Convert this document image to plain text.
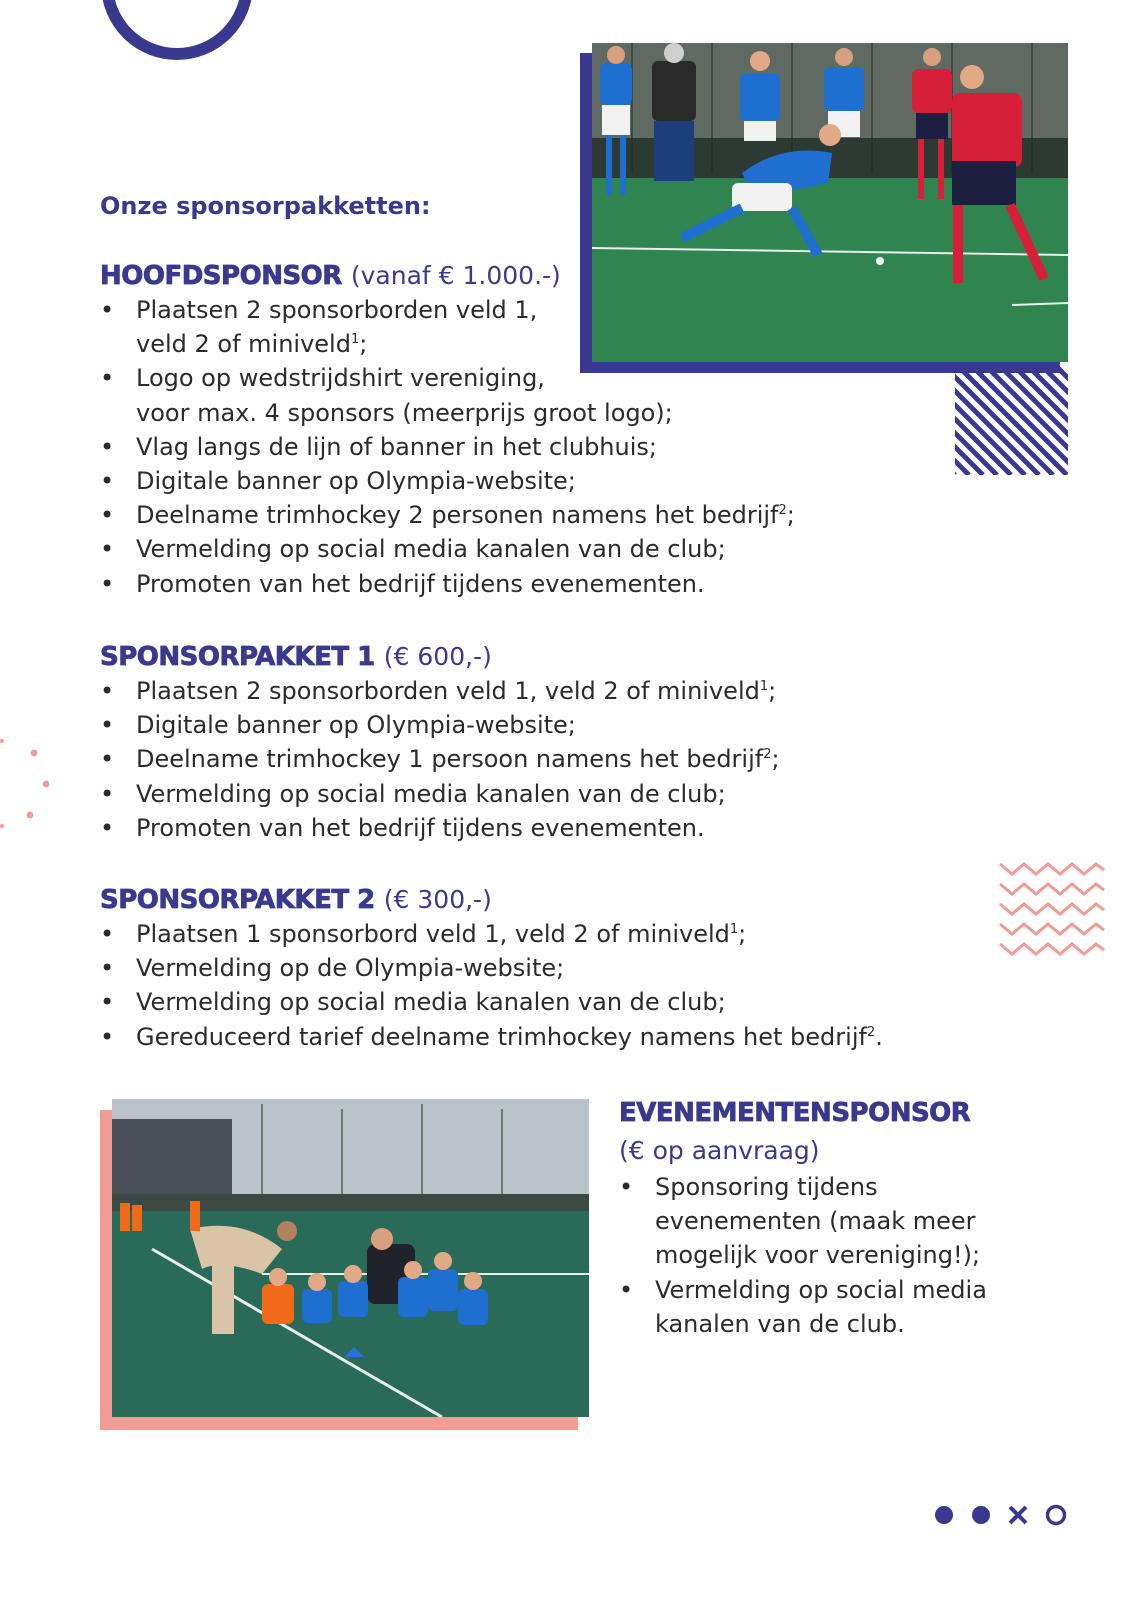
Onze sponsorpakketten:
HOOFDSPONSOR (vanaf € 1.000.-)
• Plaatsen 2 sponsorborden veld 1,
veld 2 of miniveld$^1$;
• Logo op wedstrijdshirt vereniging,
voor max. 4 sponsors (meerprijs groot logo);
• Vlag langs de lijn of banner in het clubhuis;
• Digitale banner op Olympia-website;
• Deelname trimhockey 2 personen namens het bedrijf$^2$;
• Vermelding op social media kanalen van de club;
• Promoten van het bedrijf tijdens evenementen.
SPONSORPAKKET 1 (€ 600,-)
• Plaatsen 2 sponsorborden veld 1, veld 2 of miniveld$^1$;
• Digitale banner op Olympia-website;
• Deelname trimhockey 1 persoon namens het bedrijf$^2$;
• Vermelding op social media kanalen van de club;
• Promoten van het bedrijf tijdens evenementen.
SPONSORPAKKET 2 (€ 300,-)
• Plaatsen 1 sponsorbord veld 1, veld 2 of miniveld$^1$;
• Vermelding op de Olympia-website;
• Vermelding op social media kanalen van de club;
• Gereduceerd tarief deelname trimhockey namens het bedrijf$^2$.
EVENEMENTENSPONSOR
(€ op aanvraag)
• Sponsoring tijdens
evenementen (maak meer
mogelijk voor vereniging!);
• Vermelding op social media
kanalen van de club.
